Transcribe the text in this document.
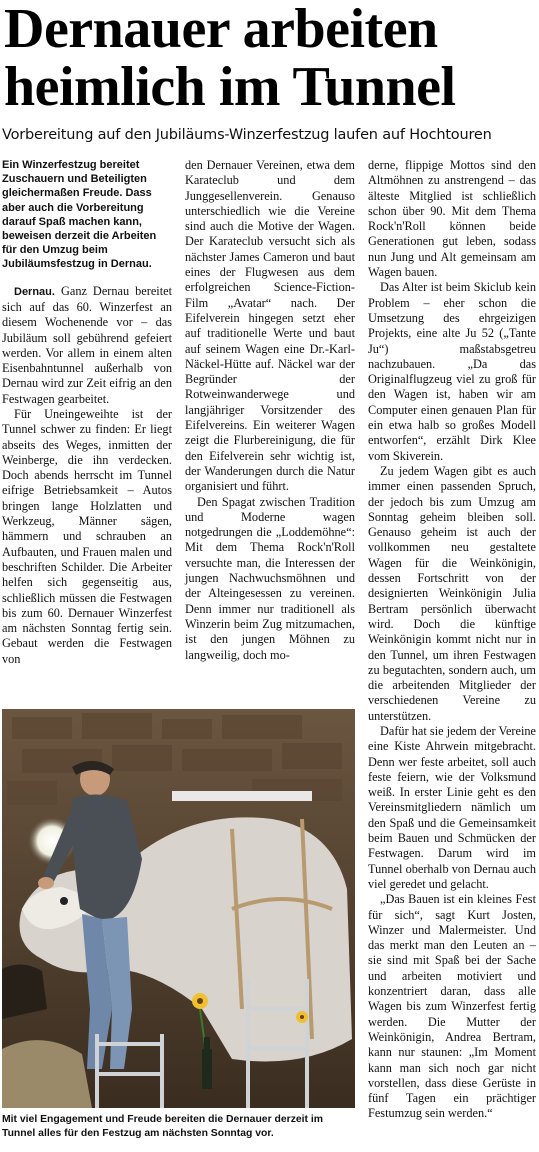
Dernauer arbeiten
heimlich im Tunnel
Vorbereitung auf den Jubiläums-Winzerfestzug laufen auf Hochtouren

Ein Winzerfestzug bereitet Zuschauern und Beteiligten gleichermaßen Freude. Dass aber auch die Vorbereitung darauf Spaß machen kann, beweisen derzeit die Arbeiten für den Umzug beim Jubiläumsfestzug in Dernau.

Dernau. Ganz Dernau bereitet sich auf das 60. Winzerfest an diesem Wochenende vor – das Jubiläum soll gebührend gefeiert werden. Vor allem in einem alten Eisenbahntunnel außerhalb von Dernau wird zur Zeit eifrig an den Festwagen gearbeitet.

Für Uneingeweihte ist der Tunnel schwer zu finden: Er liegt abseits des Weges, inmitten der Weinberge, die ihn verdecken. Doch abends herrscht im Tunnel eifrige Betriebsamkeit – Autos bringen lange Holzlatten und Werkzeug, Männer sägen, hämmern und schrauben an Aufbauten, und Frauen malen und beschriften Schilder. Die Arbeiter helfen sich gegenseitig aus, schließlich müssen die Festwagen bis zum 60. Dernauer Winzerfest am nächsten Sonntag fertig sein. Gebaut werden die Festwagen von

den Dernauer Vereinen, etwa dem Karateclub und dem Junggesellenverein. Genauso unterschiedlich wie die Vereine sind auch die Motive der Wagen. Der Karateclub versucht sich als nächster James Cameron und baut eines der Flugwesen aus dem erfolgreichen Science-Fiction-Film „Avatar“ nach. Der Eifelverein hingegen setzt eher auf traditionelle Werte und baut auf seinem Wagen eine Dr.-Karl-Näckel-Hütte auf. Näckel war der Begründer der Rotweinwanderwege und langjähriger Vorsitzender des Eifelvereins. Ein weiterer Wagen zeigt die Flurbereinigung, die für den Eifelverein sehr wichtig ist, der Wanderungen durch die Natur organisiert und führt.

Den Spagat zwischen Tradition und Moderne wagen notgedrungen die „Loddemöhne“: Mit dem Thema Rock'n'Roll versuchte man, die Interessen der jungen Nachwuchsmöhnen und der Alteingesessen zu vereinen. Denn immer nur traditionell als Winzerin beim Zug mitzumachen, ist den jungen Möhnen zu langweilig, doch mo-

derne, flippige Mottos sind den Altmöhnen zu anstrengend – das älteste Mitglied ist schließlich schon über 90. Mit dem Thema Rock'n'Roll können beide Generationen gut leben, sodass nun Jung und Alt gemeinsam am Wagen bauen.

Das Alter ist beim Skiclub kein Problem – eher schon die Umsetzung des ehrgeizigen Projekts, eine alte Ju 52 („Tante Ju“) maßstabsgetreu nachzubauen. „Da das Originalflugzeug viel zu groß für den Wagen ist, haben wir am Computer einen genauen Plan für ein etwa halb so großes Modell entworfen“, erzählt Dirk Klee vom Skiverein.

Zu jedem Wagen gibt es auch immer einen passenden Spruch, der jedoch bis zum Umzug am Sonntag geheim bleiben soll. Genauso geheim ist auch der vollkommen neu gestaltete Wagen für die Weinkönigin, dessen Fortschritt von der designierten Weinkönigin Julia Bertram persönlich überwacht wird. Doch die künftige Weinkönigin kommt nicht nur in den Tunnel, um ihren Festwagen zu begutachten, sondern auch, um die arbeitenden Mitglieder der verschiedenen Vereine zu unterstützen.

Dafür hat sie jedem der Vereine eine Kiste Ahrwein mitgebracht. Denn wer feste arbeitet, soll auch feste feiern, wie der Volksmund weiß. In erster Linie geht es den Vereinsmitgliedern nämlich um den Spaß und die Gemeinsamkeit beim Bauen und Schmücken der Festwagen. Darum wird im Tunnel oberhalb von Dernau auch viel geredet und gelacht.

„Das Bauen ist ein kleines Fest für sich“, sagt Kurt Josten, Winzer und Malermeister. Und das merkt man den Leuten an – sie sind mit Spaß bei der Sache und arbeiten motiviert und konzentriert daran, dass alle Wagen bis zum Winzerfest fertig werden. Die Mutter der Weinkönigin, Andrea Bertram, kann nur staunen: „Im Moment kann man sich noch gar nicht vorstellen, dass diese Gerüste in fünf Tagen ein prächtiger Festumzug sein werden.“

Mit viel Engagement und Freude bereiten die Dernauer derzeit im Tunnel alles für den Festzug am nächsten Sonntag vor.
